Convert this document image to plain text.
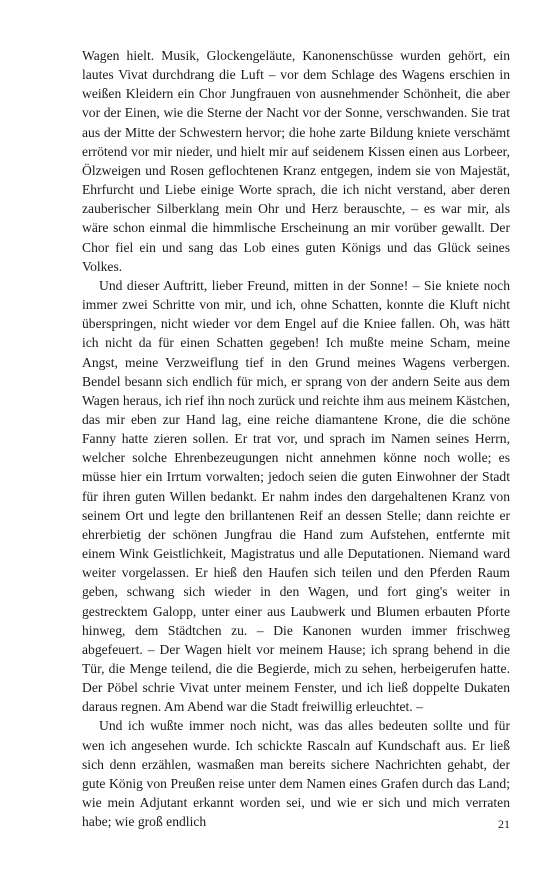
Wagen hielt. Musik, Glockengeläute, Kanonenschüsse wurden gehört, ein lautes Vivat durchdrang die Luft – vor dem Schlage des Wagens erschien in weißen Kleidern ein Chor Jungfrauen von ausnehmender Schönheit, die aber vor der Einen, wie die Sterne der Nacht vor der Sonne, verschwanden. Sie trat aus der Mitte der Schwestern hervor; die hohe zarte Bildung kniete verschämt errötend vor mir nieder, und hielt mir auf seidenem Kissen einen aus Lorbeer, Ölzweigen und Rosen geflochtenen Kranz entgegen, indem sie von Majestät, Ehrfurcht und Liebe einige Worte sprach, die ich nicht verstand, aber deren zauberischer Silberklang mein Ohr und Herz berauschte, – es war mir, als wäre schon einmal die himmlische Erscheinung an mir vorüber gewallt. Der Chor fiel ein und sang das Lob eines guten Königs und das Glück seines Volkes.

Und dieser Auftritt, lieber Freund, mitten in der Sonne! – Sie kniete noch immer zwei Schritte von mir, und ich, ohne Schatten, konnte die Kluft nicht überspringen, nicht wieder vor dem Engel auf die Kniee fallen. Oh, was hätt ich nicht da für einen Schatten gegeben! Ich mußte meine Scham, meine Angst, meine Verzweiflung tief in den Grund meines Wagens verbergen. Bendel besann sich endlich für mich, er sprang von der andern Seite aus dem Wagen heraus, ich rief ihn noch zurück und reichte ihm aus meinem Kästchen, das mir eben zur Hand lag, eine reiche diamantene Krone, die die schöne Fanny hatte zieren sollen. Er trat vor, und sprach im Namen seines Herrn, welcher solche Ehrenbezeugungen nicht annehmen könne noch wolle; es müsse hier ein Irrtum vorwalten; jedoch seien die guten Einwohner der Stadt für ihren guten Willen bedankt. Er nahm indes den dargehaltenen Kranz von seinem Ort und legte den brillantenen Reif an dessen Stelle; dann reichte er ehrerbietig der schönen Jungfrau die Hand zum Aufstehen, entfernte mit einem Wink Geistlichkeit, Magistratus und alle Deputationen. Niemand ward weiter vorgelassen. Er hieß den Haufen sich teilen und den Pferden Raum geben, schwang sich wieder in den Wagen, und fort ging's weiter in gestrecktem Galopp, unter einer aus Laubwerk und Blumen erbauten Pforte hinweg, dem Städtchen zu. – Die Kanonen wurden immer frischweg abgefeuert. – Der Wagen hielt vor meinem Hause; ich sprang behend in die Tür, die Menge teilend, die die Begierde, mich zu sehen, herbeigerufen hatte. Der Pöbel schrie Vivat unter meinem Fenster, und ich ließ doppelte Dukaten daraus regnen. Am Abend war die Stadt freiwillig erleuchtet. –

Und ich wußte immer noch nicht, was das alles bedeuten sollte und für wen ich angesehen wurde. Ich schickte Rascaln auf Kundschaft aus. Er ließ sich denn erzählen, wasmaßen man bereits sichere Nachrichten gehabt, der gute König von Preußen reise unter dem Namen eines Grafen durch das Land; wie mein Adjutant erkannt worden sei, und wie er sich und mich verraten habe; wie groß endlich	21
